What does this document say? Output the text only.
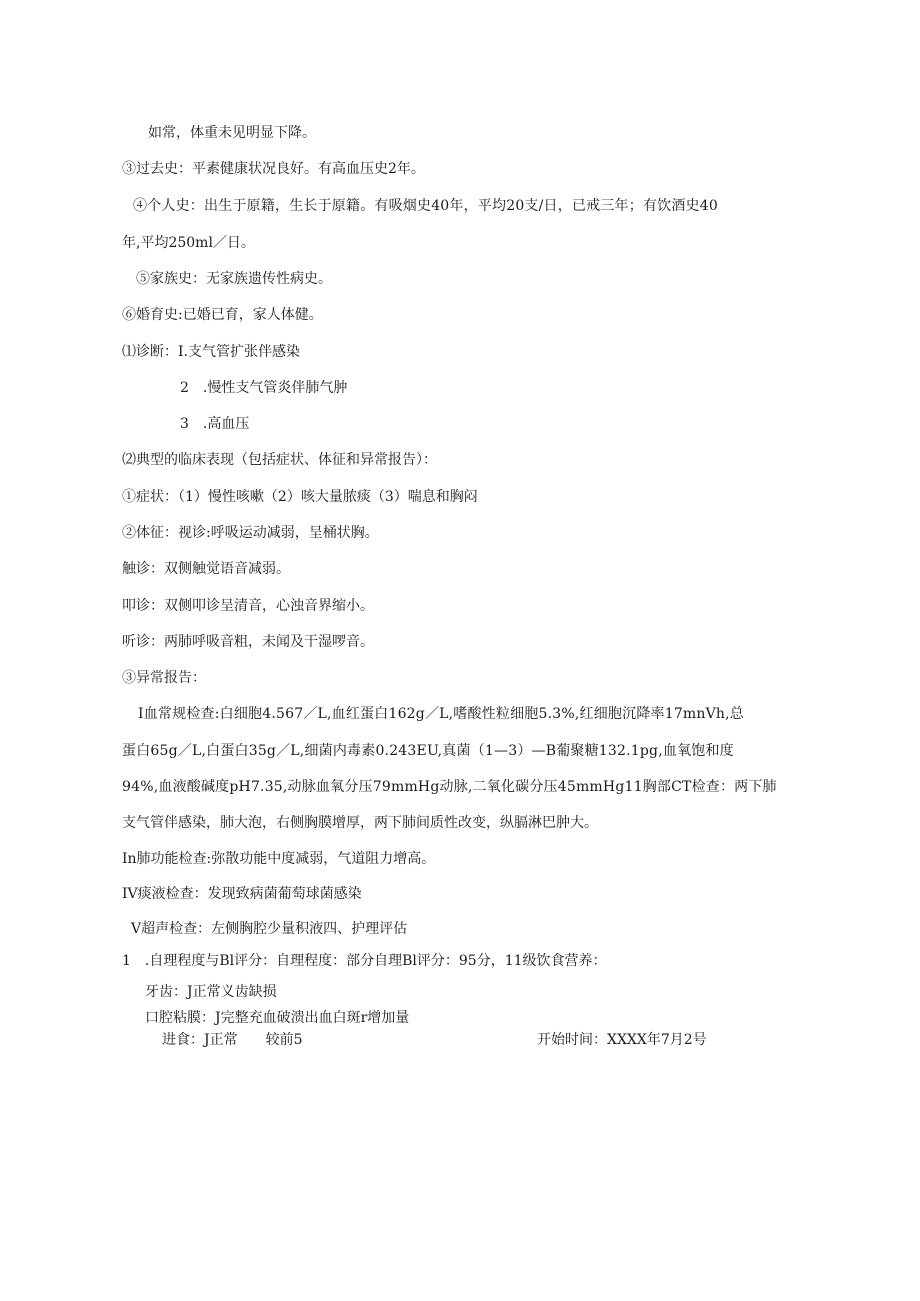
如常，体重未见明显下降。
③过去史：平素健康状况良好。有高血压史2年。
④个人史：出生于原籍，生长于原籍。有吸烟史40年，平均20支/日，已戒三年；有饮酒史40
年,平均250ml／日。
⑤家族史：无家族遗传性病史。
⑥婚育史:已婚已育，家人体健。
⑴诊断：I.支气管扩张伴感染
2　.慢性支气管炎伴肺气肿
3　.高血压
⑵典型的临床表现（包括症状、体征和异常报告）：
①症状：（1）慢性咳嗽（2）咳大量脓痰（3）喘息和胸闷
②体征：视诊:呼吸运动减弱，呈桶状胸。
触诊：双侧触觉语音减弱。
叩诊：双侧叩诊呈清音，心浊音界缩小。
听诊：两肺呼吸音粗，未闻及干湿啰音。
③异常报告：
I血常规检查:白细胞4.567／L,血红蛋白162g／L,嗜酸性粒细胞5.3%,红细胞沉降率17mnVh,总
蛋白65g／L,白蛋白35g／L,细菌内毒素0.243EU,真菌（1—3）—B葡聚糖132.1pg,血氧饱和度
94%,血液酸碱度pH7.35,动脉血氧分压79mmHg动脉,二氧化碳分压45mmHg11胸部CT检查：两下肺
支气管伴感染，肺大泡，右侧胸膜增厚，两下肺间质性改变，纵膈淋巴肿大。
In肺功能检查:弥散功能中度减弱，气道阻力增高。
IV痰液检查：发现致病菌葡萄球菌感染
V超声检查：左侧胸腔少量积液四、护理评估
1　.自理程度与Bl评分：自理程度：部分自理Bl评分：95分，11级饮食营养：
牙齿：J正常义齿缺损
口腔粘膜：J完整充血破溃出血白斑r增加量
进食：J正常　　较前5	开始时间：XXXX年7月2号
